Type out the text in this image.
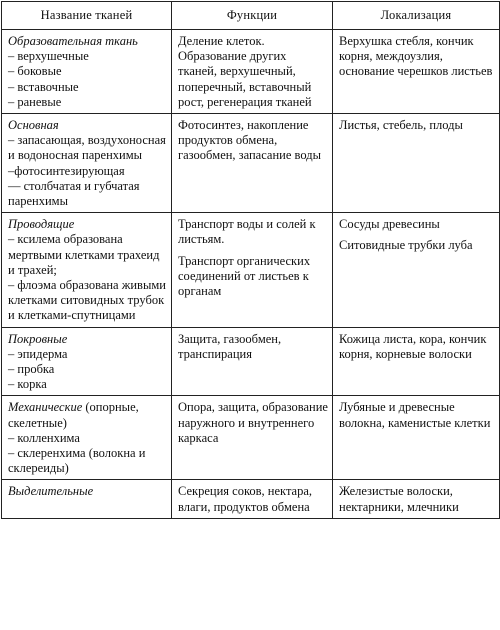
Название тканей	Функции	Локализация

Образовательная ткань
– верхушечные
– боковые
– вставочные
– раневые	Деление клеток. Образование других тканей, верхушечный, поперечный, вставочный рост, регенерация тканей	Верхушка стебля, кончик корня, междоузлия, основание черешков листьев

Основная
– запасающая, воздухоносная и водоносная паренхимы
–фотосинтезирующая
— столбчатая и губчатая паренхимы	Фотосинтез, накопление продуктов обмена, газообмен, запасание воды	Листья, стебель, плоды

Проводящие
– ксилема образована мертвыми клетками трахеид и трахей;
– флоэма образована живыми клетками ситовидных трубок и клетками-спутницами	Транспорт воды и солей к листьям.
Транспорт органических соединений от листьев к органам	Сосуды древесины
Ситовидные трубки луба

Покровные
– эпидерма
– пробка
– корка	Защита, газообмен, транспирация	Кожица листа, кора, кончик корня, корневые волоски

Механические (опорные, скелетные)
– колленхима
– склеренхима (волокна и склереиды)	Опора, защита, образование наружного и внутреннего каркаса	Лубяные и древесные волокна, каменистые клетки

Выделительные	Секреция соков, нектара, влаги, продуктов обмена	Железистые волоски, нектарники, млечники
